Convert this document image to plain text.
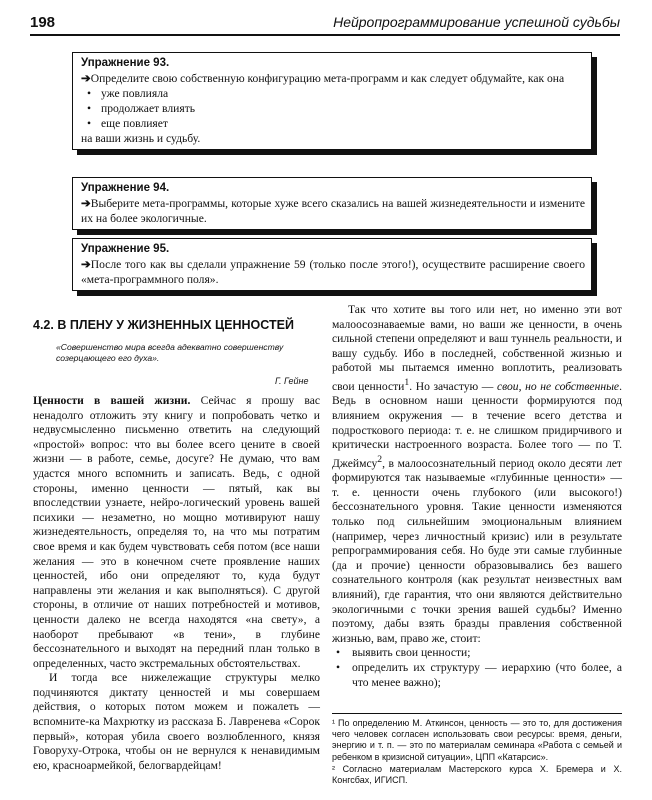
198	Нейропрограммирование успешной судьбы
Упражнение 93.
➔Определите свою собственную конфигурацию мета-программ и как следует обдумайте, как она
• уже повлияла
• продолжает влиять
• еще повлияет
на ваши жизнь и судьбу.
Упражнение 94.
➔Выберите мета-программы, которые хуже всего сказались на вашей жизнедеятельности и измените их на более экологичные.
Упражнение 95.
➔После того как вы сделали упражнение 59 (только после этого!), осуществите расширение своего «мета-программного поля».
4.2. В ПЛЕНУ У ЖИЗНЕННЫХ ЦЕННОСТЕЙ
«Совершенство мира всегда адекватно совершенству созерцающего его духа».
Г. Гейне

Ценности в вашей жизни. Сейчас я прошу вас ненадолго отложить эту книгу и попробовать четко и недвусмысленно письменно ответить на следующий «простой» вопрос: что вы более всего цените в своей жизни — в работе, семье, досуге? Не думаю, что вам удастся много вспомнить и записать. Ведь, с одной стороны, именно ценности — пятый, как вы впоследствии узнаете, нейро-логический уровень вашей психики — незаметно, но мощно мотивируют нашу жизнедеятельность, определяя то, на что мы потратим свое время и как будем чувствовать себя потом (все наши желания — это в конечном счете проявление наших ценностей, ибо они определяют то, куда будут направлены эти желания и как выполняться). С другой стороны, в отличие от наших потребностей и мотивов, ценности далеко не всегда находятся «на свету», а наоборот пребывают «в тени», в глубине бессознательного и выходят на передний план только в определенных, часто экстремальных обстоятельствах.

И тогда все нижележащие структуры мелко подчиняются диктату ценностей и мы совершаем действия, о которых потом можем и пожалеть — вспомните-ка Махрютку из рассказа Б. Лавренева «Сорок первый», которая убила своего возлюбленного, князя Говоруху-Отрока, чтобы он не вернулся к ненавидимым ею, красноармейкой, белогвардейцам!

Так что хотите вы того или нет, но именно эти вот малоосознаваемые вами, но ваши же ценности, в очень сильной степени определяют и ваш туннель реальности, и вашу судьбу. Ибо в последней, собственной жизнью и работой мы пытаемся именно воплотить, реализовать свои ценности$^1$. Но зачастую — свои, но не собственные. Ведь в основном наши ценности формируются под влиянием окружения — в течение всего детства и подросткового периода: т. е. не слишком придирчивого и критически настроенного возраста. Более того — по Т. Джеймсу$^2$, в малоосознательный период около десяти лет формируются так называемые «глубинные ценности» — т. е. ценности очень глубокого (или высокого!) бессознательного уровня. Такие ценности изменяются только под сильнейшим эмоциональным влиянием (например, через личностный кризис) или в результате репрограммирования себя. Но буде эти самые глубинные (да и прочие) ценности образовывались без вашего сознательного контроля (как результат неизвестных вам влияний), где гарантия, что они являются действительно экологичными с точки зрения вашей судьбы? Именно поэтому, дабы взять бразды правления собственной жизнью, вам, право же, стоит:

• выявить свои ценности;
• определить их структуру — иерархию (что более, а что менее важно);
¹ По определению М. Аткинсон, ценность — это то, для достижения чего человек согласен использовать свои ресурсы: время, деньги, энергию и т. п. — это по материалам семинара «Работа с семьей и ребенком в кризисной ситуации», ЦПП «Катарсис».
² Согласно материалам Мастерского курса Х. Бремера и Х. Конгсбах, ИГИСП.
